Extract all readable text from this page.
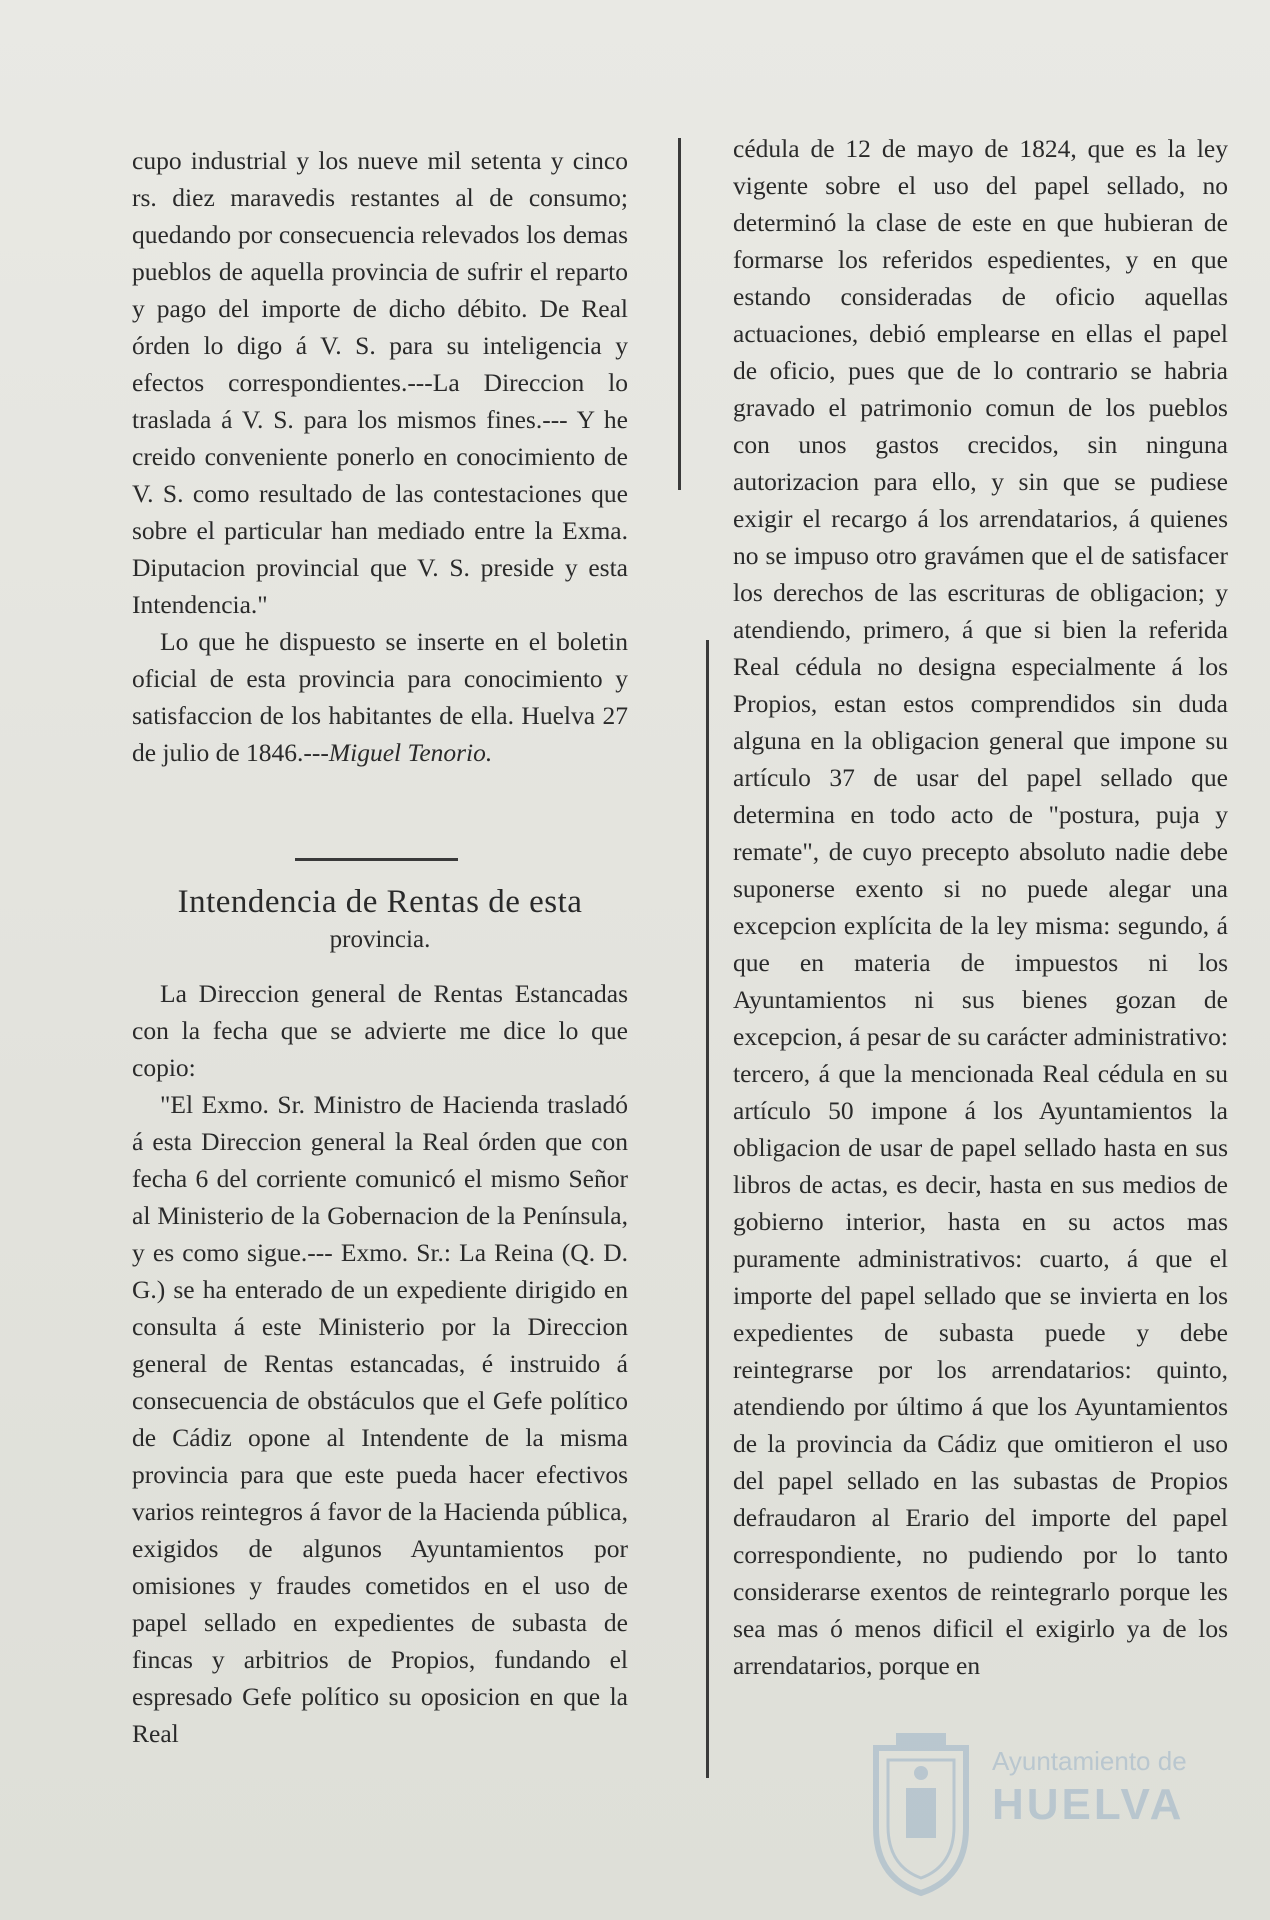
cupo industrial y los nueve mil setenta y cinco rs. diez maravedis restantes al de consumo; quedando por consecuencia relevados los demas pueblos de aquella provincia de sufrir el reparto y pago del importe de dicho débito. De Real órden lo digo á V. S. para su inteligencia y efectos correspondientes.---La Direccion lo traslada á V. S. para los mismos fines.--- Y he creido conveniente ponerlo en conocimiento de V. S. como resultado de las contestaciones que sobre el particular han mediado entre la Exma. Diputacion provincial que V. S. preside y esta Intendencia."

Lo que he dispuesto se inserte en el boletin oficial de esta provincia para conocimiento y satisfaccion de los habitantes de ella. Huelva 27 de julio de 1846.---Miguel Tenorio.

Intendencia de Rentas de esta
provincia.

La Direccion general de Rentas Estancadas con la fecha que se advierte me dice lo que copio:

"El Exmo. Sr. Ministro de Hacienda trasladó á esta Direccion general la Real órden que con fecha 6 del corriente comunicó el mismo Señor al Ministerio de la Gobernacion de la Península, y es como sigue.--- Exmo. Sr.: La Reina (Q. D. G.) se ha enterado de un expediente dirigido en consulta á este Ministerio por la Direccion general de Rentas estancadas, é instruido á consecuencia de obstáculos que el Gefe político de Cádiz opone al Intendente de la misma provincia para que este pueda hacer efectivos varios reintegros á favor de la Hacienda pública, exigidos de algunos Ayuntamientos por omisiones y fraudes cometidos en el uso de papel sellado en expedientes de subasta de fincas y arbitrios de Propios, fundando el espresado Gefe político su oposicion en que la Real

cédula de 12 de mayo de 1824, que es la ley vigente sobre el uso del papel sellado, no determinó la clase de este en que hubieran de formarse los referidos espedientes, y en que estando consideradas de oficio aquellas actuaciones, debió emplearse en ellas el papel de oficio, pues que de lo contrario se habria gravado el patrimonio comun de los pueblos con unos gastos crecidos, sin ninguna autorizacion para ello, y sin que se pudiese exigir el recargo á los arrendatarios, á quienes no se impuso otro gravámen que el de satisfacer los derechos de las escrituras de obligacion; y atendiendo, primero, á que si bien la referida Real cédula no designa especialmente á los Propios, estan estos comprendidos sin duda alguna en la obligacion general que impone su artículo 37 de usar del papel sellado que determina en todo acto de "postura, puja y remate", de cuyo precepto absoluto nadie debe suponerse exento si no puede alegar una excepcion explícita de la ley misma: segundo, á que en materia de impuestos ni los Ayuntamientos ni sus bienes gozan de excepcion, á pesar de su carácter administrativo: tercero, á que la mencionada Real cédula en su artículo 50 impone á los Ayuntamientos la obligacion de usar de papel sellado hasta en sus libros de actas, es decir, hasta en sus medios de gobierno interior, hasta en su actos mas puramente administrativos: cuarto, á que el importe del papel sellado que se invierta en los expedientes de subasta puede y debe reintegrarse por los arrendatarios: quinto, atendiendo por último á que los Ayuntamientos de la provincia da Cádiz que omitieron el uso del papel sellado en las subastas de Propios defraudaron al Erario del importe del papel correspondiente, no pudiendo por lo tanto considerarse exentos de reintegrarlo porque les sea mas ó menos dificil el exigirlo ya de los arrendatarios, porque en

Ayuntamiento de
HUELVA
